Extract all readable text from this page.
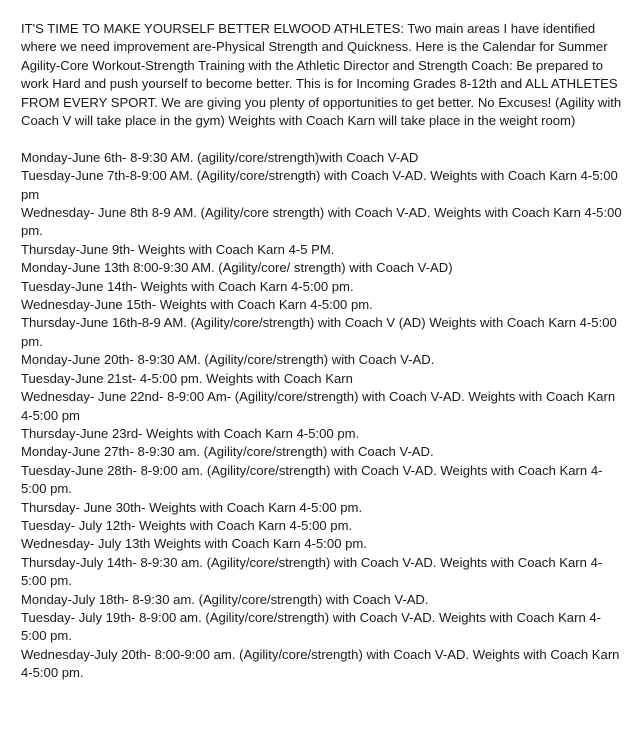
IT'S TIME TO MAKE YOURSELF BETTER ELWOOD ATHLETES: Two main areas I have identified where we need improvement are-Physical Strength and Quickness. Here is the Calendar for Summer Agility-Core Workout-Strength Training with the Athletic Director and Strength Coach: Be prepared to work Hard and push yourself to become better. This is for Incoming Grades 8-12th and ALL ATHLETES FROM EVERY SPORT. We are giving you plenty of opportunities to get better. No Excuses! (Agility with Coach V will take place in the gym) Weights with Coach Karn will take place in the weight room)

Monday-June 6th- 8-9:30 AM. (agility/core/strength)with Coach V-AD
Tuesday-June 7th-8-9:00 AM. (Agility/core/strength) with Coach V-AD. Weights with Coach Karn 4-5:00 pm
Wednesday- June 8th 8-9 AM. (Agility/core strength) with Coach V-AD. Weights with Coach Karn 4-5:00 pm.
Thursday-June 9th- Weights with Coach Karn 4-5 PM.
Monday-June 13th 8:00-9:30 AM. (Agility/core/ strength) with Coach V-AD)
Tuesday-June 14th- Weights with Coach Karn 4-5:00 pm.
Wednesday-June 15th- Weights with Coach Karn 4-5:00 pm.
Thursday-June 16th-8-9 AM. (Agility/core/strength) with Coach V (AD) Weights with Coach Karn 4-5:00 pm.
Monday-June 20th- 8-9:30 AM. (Agility/core/strength) with Coach V-AD.
Tuesday-June 21st- 4-5:00 pm. Weights with Coach Karn
Wednesday- June 22nd- 8-9:00 Am- (Agility/core/strength) with Coach V-AD. Weights with Coach Karn 4-5:00 pm
Thursday-June 23rd- Weights with Coach Karn 4-5:00 pm.
Monday-June 27th- 8-9:30 am. (Agility/core/strength) with Coach V-AD.
Tuesday-June 28th- 8-9:00 am. (Agility/core/strength) with Coach V-AD. Weights with Coach Karn 4-5:00 pm.
Thursday- June 30th- Weights with Coach Karn 4-5:00 pm.
Tuesday- July 12th- Weights with Coach Karn 4-5:00 pm.
Wednesday- July 13th Weights with Coach Karn 4-5:00 pm.
Thursday-July 14th- 8-9:30 am. (Agility/core/strength) with Coach V-AD. Weights with Coach Karn 4-5:00 pm.
Monday-July 18th- 8-9:30 am. (Agility/core/strength) with Coach V-AD.
Tuesday- July 19th- 8-9:00 am. (Agility/core/strength) with Coach V-AD. Weights with Coach Karn 4-5:00 pm.
Wednesday-July 20th- 8:00-9:00 am. (Agility/core/strength) with Coach V-AD. Weights with Coach Karn 4-5:00 pm.
